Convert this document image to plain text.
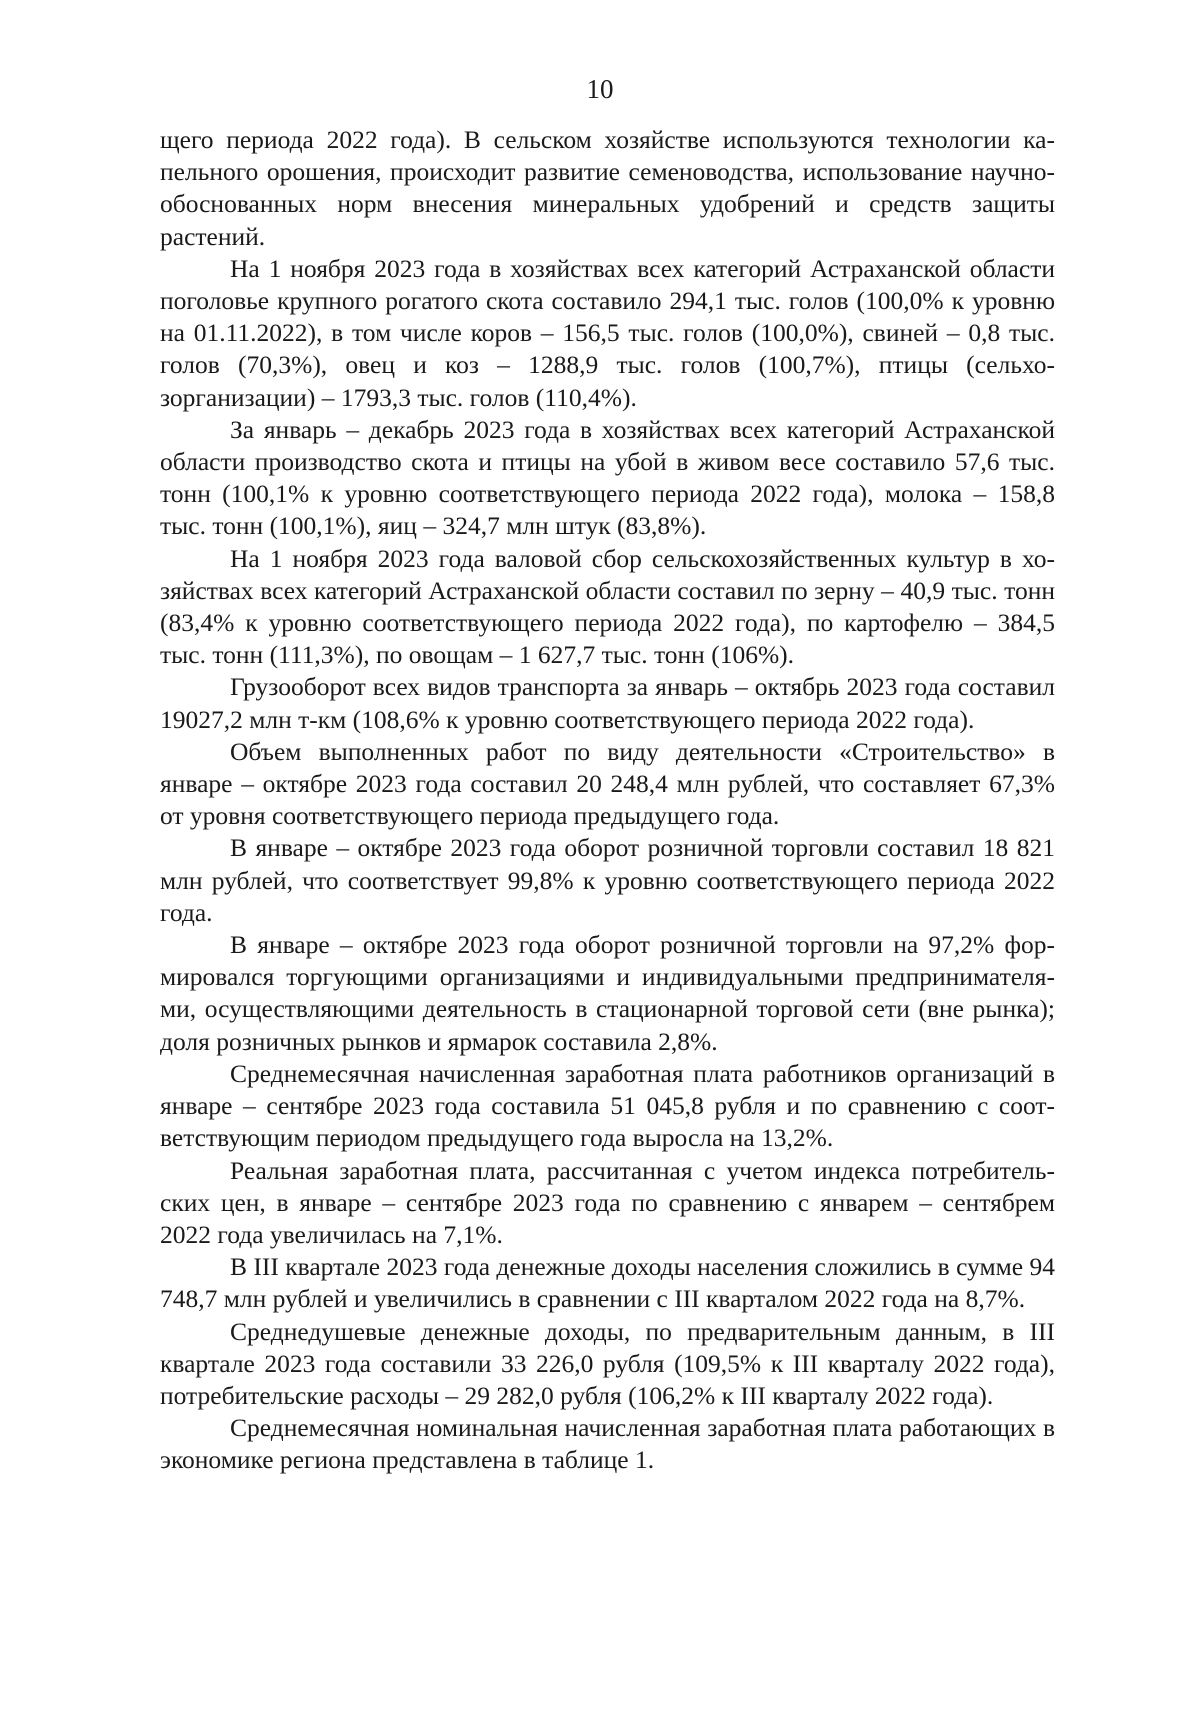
10

щего периода 2022 года). В сельском хозяйстве используются технологии капельного орошения, происходит развитие семеноводства, использование научно-обоснованных норм внесения минеральных удобрений и средств защиты растений.

На 1 ноября 2023 года в хозяйствах всех категорий Астраханской области поголовье крупного рогатого скота составило 294,1 тыс. голов (100,0% к уровню на 01.11.2022), в том числе коров – 156,5 тыс. голов (100,0%), свиней – 0,8 тыс. голов (70,3%), овец и коз – 1288,9 тыс. голов (100,7%), птицы (сельхозорганизации) – 1793,3 тыс. голов (110,4%).

За январь – декабрь 2023 года в хозяйствах всех категорий Астраханской области производство скота и птицы на убой в живом весе составило 57,6 тыс. тонн (100,1% к уровню соответствующего периода 2022 года), молока – 158,8 тыс. тонн (100,1%), яиц – 324,7 млн штук (83,8%).

На 1 ноября 2023 года валовой сбор сельскохозяйственных культур в хозяйствах всех категорий Астраханской области составил по зерну – 40,9 тыс. тонн (83,4% к уровню соответствующего периода 2022 года), по картофелю – 384,5 тыс. тонн (111,3%), по овощам – 1 627,7 тыс. тонн (106%).

Грузооборот всех видов транспорта за январь – октябрь 2023 года составил 19027,2 млн т-км (108,6% к уровню соответствующего периода 2022 года).

Объем выполненных работ по виду деятельности «Строительство» в январе – октябре 2023 года составил 20 248,4 млн рублей, что составляет 67,3% от уровня соответствующего периода предыдущего года.

В январе – октябре 2023 года оборот розничной торговли составил 18 821 млн рублей, что соответствует 99,8% к уровню соответствующего периода 2022 года.

В январе – октябре 2023 года оборот розничной торговли на 97,2% формировался торгующими организациями и индивидуальными предпринимателями, осуществляющими деятельность в стационарной торговой сети (вне рынка); доля розничных рынков и ярмарок составила 2,8%.

Среднемесячная начисленная заработная плата работников организаций в январе – сентябре 2023 года составила 51 045,8 рубля и по сравнению с соответствующим периодом предыдущего года выросла на 13,2%.

Реальная заработная плата, рассчитанная с учетом индекса потребительских цен, в январе – сентябре 2023 года по сравнению с январем – сентябрем 2022 года увеличилась на 7,1%.

В III квартале 2023 года денежные доходы населения сложились в сумме 94 748,7 млн рублей и увеличились в сравнении с III кварталом 2022 года на 8,7%.

Среднедушевые денежные доходы, по предварительным данным, в III квартале 2023 года составили 33 226,0 рубля (109,5% к III кварталу 2022 года), потребительские расходы – 29 282,0 рубля (106,2% к III кварталу 2022 года).

Среднемесячная номинальная начисленная заработная плата работающих в экономике региона представлена в таблице 1.
